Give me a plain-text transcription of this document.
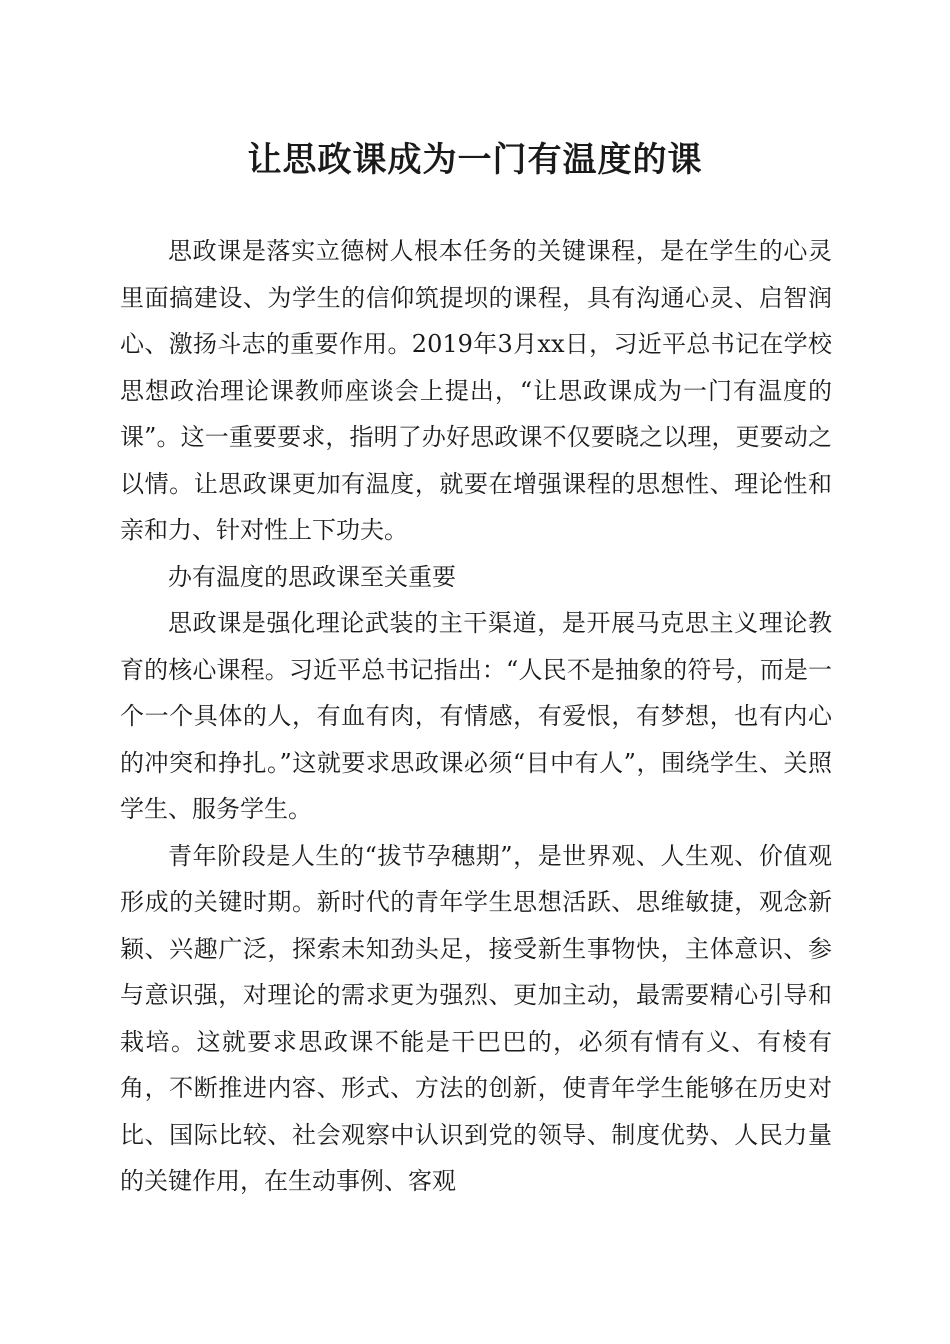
让思政课成为一门有温度的课

思政课是落实立德树人根本任务的关键课程，是在学生的心灵里面搞建设、为学生的信仰筑提坝的课程，具有沟通心灵、启智润心、激扬斗志的重要作用。2019年3月xx日，习近平总书记在学校思想政治理论课教师座谈会上提出，“让思政课成为一门有温度的课”。这一重要要求，指明了办好思政课不仅要晓之以理，更要动之以情。让思政课更加有温度，就要在增强课程的思想性、理论性和亲和力、针对性上下功夫。

办有温度的思政课至关重要

思政课是强化理论武装的主干渠道，是开展马克思主义理论教育的核心课程。习近平总书记指出：“人民不是抽象的符号，而是一个一个具体的人，有血有肉，有情感，有爱恨，有梦想，也有内心的冲突和挣扎。”这就要求思政课必须“目中有人”，围绕学生、关照学生、服务学生。

青年阶段是人生的“拔节孕穗期”，是世界观、人生观、价值观形成的关键时期。新时代的青年学生思想活跃、思维敏捷，观念新颖、兴趣广泛，探索未知劲头足，接受新生事物快，主体意识、参与意识强，对理论的需求更为强烈、更加主动，最需要精心引导和栽培。这就要求思政课不能是干巴巴的，必须有情有义、有棱有角，不断推进内容、形式、方法的创新，使青年学生能够在历史对比、国际比较、社会观察中认识到党的领导、制度优势、人民力量的关键作用，在生动事例、客观
